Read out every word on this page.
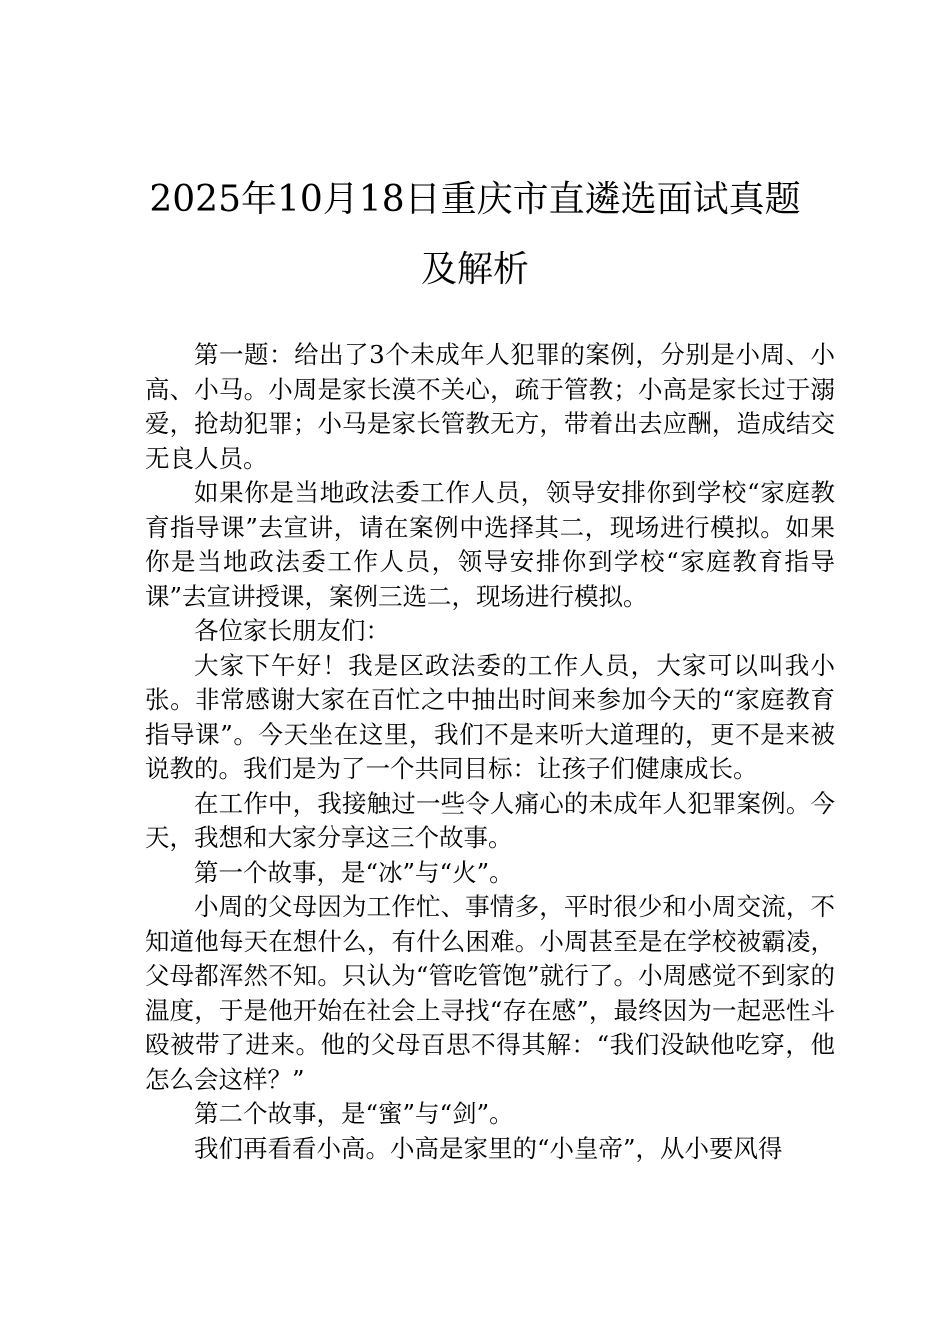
2025年10月18日重庆市直遴选面试真题
及解析

第一题：给出了3个未成年人犯罪的案例，分别是小周、小高、小马。小周是家长漠不关心，疏于管教；小高是家长过于溺爱，抢劫犯罪；小马是家长管教无方，带着出去应酬，造成结交无良人员。

如果你是当地政法委工作人员，领导安排你到学校“家庭教育指导课”去宣讲，请在案例中选择其二，现场进行模拟。如果你是当地政法委工作人员，领导安排你到学校“家庭教育指导课”去宣讲授课，案例三选二，现场进行模拟。

各位家长朋友们：

大家下午好！我是区政法委的工作人员，大家可以叫我小张。非常感谢大家在百忙之中抽出时间来参加今天的“家庭教育指导课”。今天坐在这里，我们不是来听大道理的，更不是来被说教的。我们是为了一个共同目标：让孩子们健康成长。

在工作中，我接触过一些令人痛心的未成年人犯罪案例。今天，我想和大家分享这三个故事。

第一个故事，是“冰”与“火”。

小周的父母因为工作忙、事情多，平时很少和小周交流，不知道他每天在想什么，有什么困难。小周甚至是在学校被霸凌，父母都浑然不知。只认为“管吃管饱”就行了。小周感觉不到家的温度，于是他开始在社会上寻找“存在感”，最终因为一起恶性斗殴被带了进来。他的父母百思不得其解：“我们没缺他吃穿，他怎么会这样？”

第二个故事，是“蜜”与“剑”。

我们再看看小高。小高是家里的“小皇帝”，从小要风得
